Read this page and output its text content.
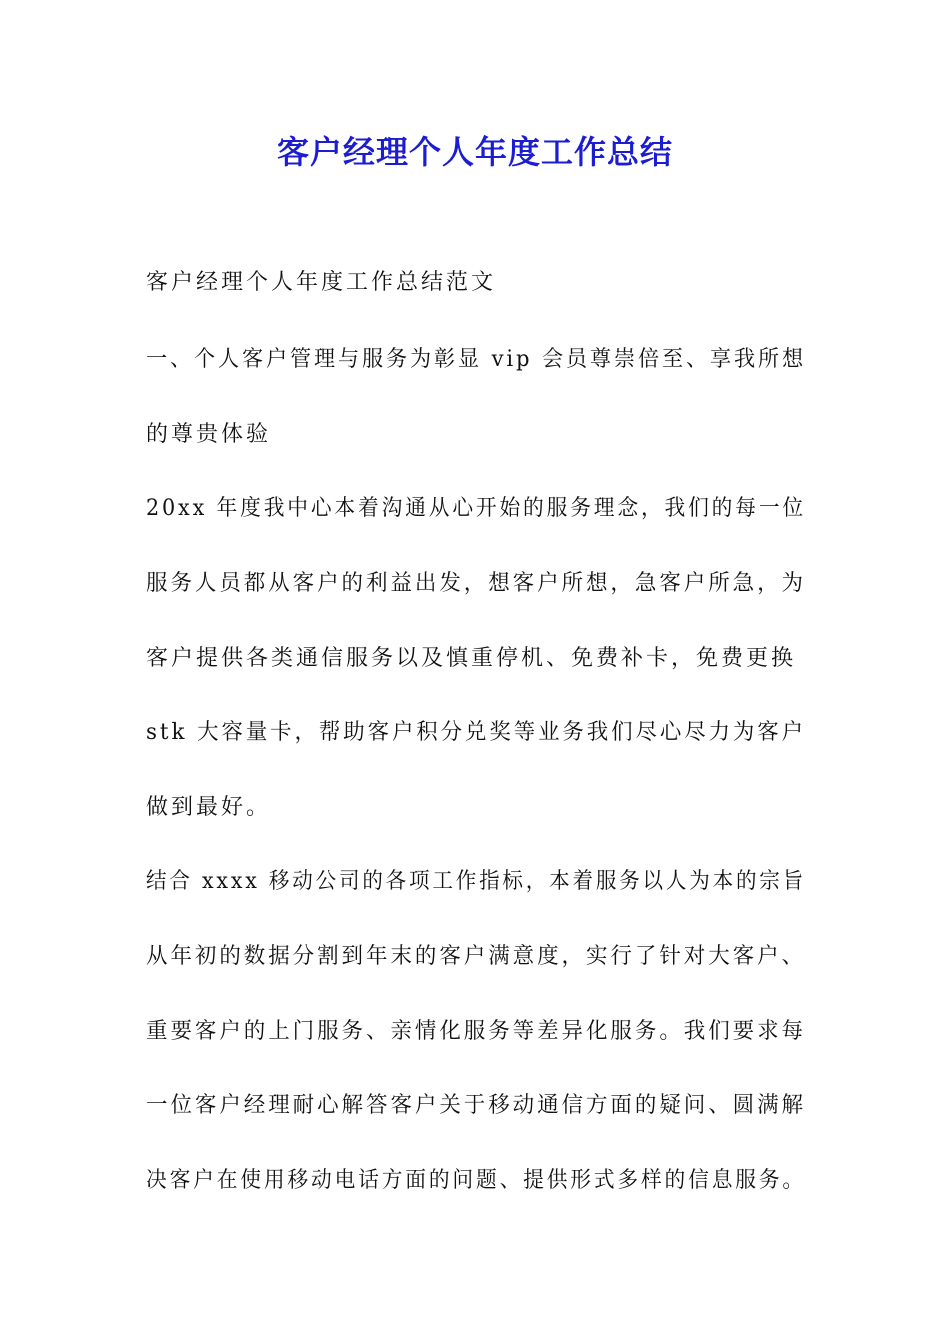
客户经理个人年度工作总结
客户经理个人年度工作总结范文
一、个人客户管理与服务为彰显 vip 会员尊崇倍至、享我所想
的尊贵体验
20xx 年度我中心本着沟通从心开始的服务理念，我们的每一位
服务人员都从客户的利益出发，想客户所想，急客户所急，为
客户提供各类通信服务以及慎重停机、免费补卡，免费更换
stk 大容量卡，帮助客户积分兑奖等业务我们尽心尽力为客户
做到最好。
结合 xxxx 移动公司的各项工作指标，本着服务以人为本的宗旨
从年初的数据分割到年末的客户满意度，实行了针对大客户、
重要客户的上门服务、亲情化服务等差异化服务。我们要求每
一位客户经理耐心解答客户关于移动通信方面的疑问、圆满解
决客户在使用移动电话方面的问题、提供形式多样的信息服务。
